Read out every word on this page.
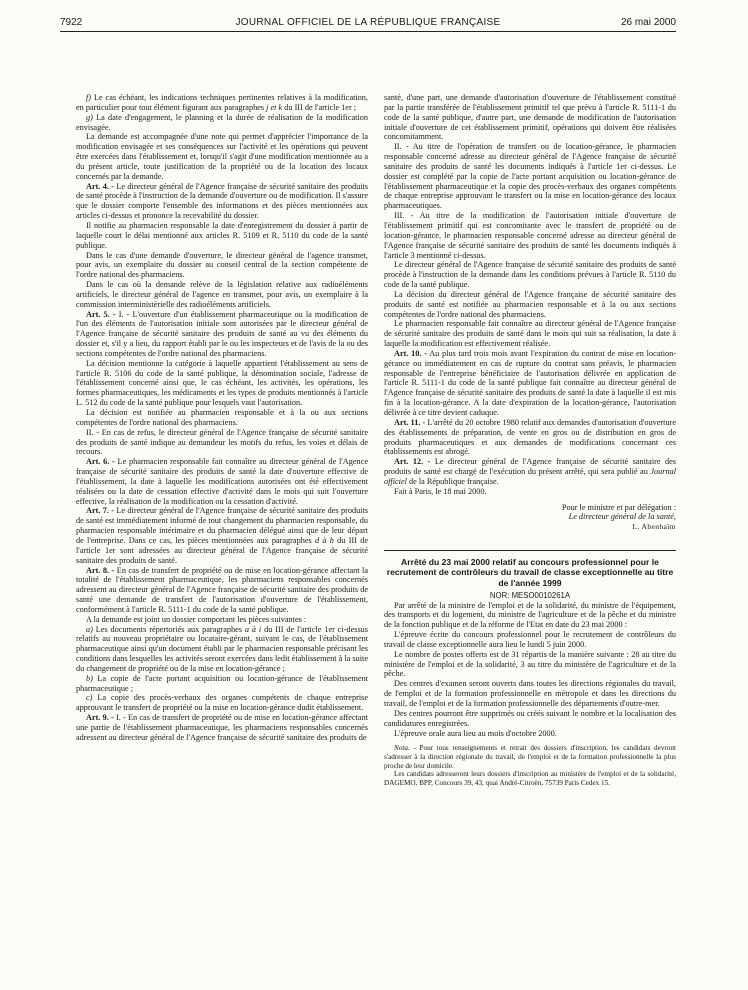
7922	JOURNAL OFFICIEL DE LA RÉPUBLIQUE FRANÇAISE	26 mai 2000

f) Le cas échéant, les indications techniques pertinentes relatives à la modification, en particulier pour tout élément figurant aux paragraphes j et k du III de l'article 1er ;

g) La date d'engagement, le planning et la durée de réalisation de la modification envisagée.

La demande est accompagnée d'une note qui permet d'apprécier l'importance de la modification envisagée et ses conséquences sur l'activité et les opérations qui peuvent être exercées dans l'établissement et, lorsqu'il s'agit d'une modification mentionnée au a du présent article, toute justification de la propriété ou de la location des locaux concernés par la demande.

Art. 4. - Le directeur général de l'Agence française de sécurité sanitaire des produits de santé procède à l'instruction de la demande d'ouverture ou de modification. Il s'assure que le dossier comporte l'ensemble des informations et des pièces mentionnées aux articles ci-dessus et prononce la recevabilité du dossier.

Il notifie au pharmacien responsable la date d'enregistrement du dossier à partir de laquelle court le délai mentionné aux articles R. 5109 et R. 5110 du code de la santé publique.

Dans le cas d'une demande d'ouverture, le directeur général de l'agence transmet, pour avis, un exemplaire du dossier au conseil central de la section compétente de l'ordre national des pharmaciens.

Dans le cas où la demande relève de la législation relative aux radioéléments artificiels, le directeur général de l'agence en transmet, pour avis, un exemplaire à la commission interministérielle des radioéléments artificiels.

Art. 5. - I. - L'ouverture d'un établissement pharmaceutique ou la modification de l'un des éléments de l'autorisation initiale sont autorisées par le directeur général de l'Agence française de sécurité sanitaire des produits de santé au vu des éléments du dossier et, s'il y a lieu, du rapport établi par le ou les inspecteurs et de l'avis de la ou des sections compétentes de l'ordre national des pharmaciens.

La décision mentionne la catégorie à laquelle appartient l'établissement au sens de l'article R. 5106 du code de la santé publique, la dénomination sociale, l'adresse de l'établissement concerné ainsi que, le cas échéant, les activités, les opérations, les formes pharmaceutiques, les médicaments et les types de produits mentionnés à l'article L. 512 du code de la santé publique pour lesquels vaut l'autorisation.

La décision est notifiée au pharmacien responsable et à la ou aux sections compétentes de l'ordre national des pharmaciens.

II. - En cas de refus, le directeur général de l'Agence française de sécurité sanitaire des produits de santé indique au demandeur les motifs du refus, les voies et délais de recours.

Art. 6. - Le pharmacien responsable fait connaître au directeur général de l'Agence française de sécurité sanitaire des produits de santé la date d'ouverture effective de l'établissement, la date à laquelle les modifications autorisées ont été effectivement réalisées ou la date de cessation effective d'activité dans le mois qui suit l'ouverture effective, la réalisation de la modification ou la cessation d'activité.

Art. 7. - Le directeur général de l'Agence française de sécurité sanitaire des produits de santé est immédiatement informé de tout changement du pharmacien responsable, du pharmacien responsable intérimaire et du pharmacien délégué ainsi que de leur départ de l'entreprise. Dans ce cas, les pièces mentionnées aux paragraphes d à h du III de l'article 1er sont adressées au directeur général de l'Agence française de sécurité sanitaire des produits de santé.

Art. 8. - En cas de transfert de propriété ou de mise en location-gérance affectant la totalité de l'établissement pharmaceutique, les pharmaciens responsables concernés adressent au directeur général de l'Agence française de sécurité sanitaire des produits de santé une demande de transfert de l'autorisation d'ouverture de l'établissement, conformément à l'article R. 5111-1 du code de la santé publique.

A la demande est joint un dossier comportant les pièces suivantes :

a) Les documents répertoriés aux paragraphes a à i du III de l'article 1er ci-dessus relatifs au nouveau propriétaire ou locataire-gérant, suivant le cas, de l'établissement pharmaceutique ainsi qu'un document établi par le pharmacien responsable précisant les conditions dans lesquelles les activités seront exercées dans ledit établissement à la suite du changement de propriété ou de la mise en location-gérance ;

b) La copie de l'acte portant acquisition ou location-gérance de l'établissement pharmaceutique ;

c) La copie des procès-verbaux des organes compétents de chaque entreprise approuvant le transfert de propriété ou la mise en location-gérance dudit établissement.

Art. 9. - I. - En cas de transfert de propriété ou de mise en location-gérance affectant une partie de l'établissement pharmaceutique, les pharmaciens responsables concernés adressent au directeur général de l'Agence française de sécurité sanitaire des produits de

santé, d'une part, une demande d'autorisation d'ouverture de l'établissement constitué par la partie transférée de l'établissement primitif tel que prévu à l'article R. 5111-1 du code de la santé publique, d'autre part, une demande de modification de l'autorisation initiale d'ouverture de cet établissement primitif, opérations qui doivent être réalisées concomitamment.

II. - Au titre de l'opération de transfert ou de location-gérance, le pharmacien responsable concerné adresse au directeur général de l'Agence française de sécurité sanitaire des produits de santé les documents indiqués à l'article 1er ci-dessus. Le dossier est complété par la copie de l'acte portant acquisition ou location-gérance de l'établissement pharmaceutique et la copie des procès-verbaux des organes compétents de chaque entreprise approuvant le transfert ou la mise en location-gérance des locaux pharmaceutiques.

III. - Au titre de la modification de l'autorisation initiale d'ouverture de l'établissement primitif qui est concomitante avec le transfert de propriété ou de location-gérance, le pharmacien responsable concerné adresse au directeur général de l'Agence française de sécurité sanitaire des produits de santé les documents indiqués à l'article 3 mentionné ci-dessus.

Le directeur général de l'Agence française de sécurité sanitaire des produits de santé procède à l'instruction de la demande dans les conditions prévues à l'article R. 5110 du code de la santé publique.

La décision du directeur général de l'Agence française de sécurité sanitaire des produits de santé est notifiée au pharmacien responsable et à la ou aux sections compétentes de l'ordre national des pharmaciens.

Le pharmacien responsable fait connaître au directeur général de l'Agence française de sécurité sanitaire des produits de santé dans le mois qui suit sa réalisation, la date à laquelle la modification est effectivement réalisée.

Art. 10. - Au plus tard trois mois avant l'expiration du contrat de mise en location-gérance ou immédiatement en cas de rupture du contrat sans préavis, le pharmacien responsable de l'entreprise bénéficiaire de l'autorisation délivrée en application de l'article R. 5111-1 du code de la santé publique fait connaître au directeur général de l'Agence française de sécurité sanitaire des produits de santé la date à laquelle il est mis fin à la location-gérance. A la date d'expiration de la location-gérance, l'autorisation délivrée à ce titre devient caduque.

Art. 11. - L'arrêté du 20 octobre 1980 relatif aux demandes d'autorisation d'ouverture des établissements de préparation, de vente en gros ou de distribution en gros de produits pharmaceutiques et aux demandes de modifications concernant ces établissements est abrogé.

Art. 12. - Le directeur général de l'Agence française de sécurité sanitaire des produits de santé est chargé de l'exécution du présent arrêté, qui sera publié au Journal officiel de la République française.

Fait à Paris, le 18 mai 2000.

Pour le ministre et par délégation :

Le directeur général de la santé,

L. Abenhaïm

Arrêté du 23 mai 2000 relatif au concours professionnel pour le recrutement de contrôleurs du travail de classe exceptionnelle au titre de l'année 1999

NOR: MESO0010261A

Par arrêté de la ministre de l'emploi et de la solidarité, du ministre de l'équipement, des transports et du logement, du ministre de l'agriculture et de la pêche et du ministre de la fonction publique et de la réforme de l'Etat en date du 23 mai 2000 :

L'épreuve écrite du concours professionnel pour le recrutement de contrôleurs du travail de classe exceptionnelle aura lieu le lundi 5 juin 2000.

Le nombre de postes offerts est de 31 répartis de la manière suivante : 28 au titre du ministère de l'emploi et de la solidarité, 3 au titre du ministère de l'agriculture et de la pêche.

Des centres d'examen seront ouverts dans toutes les directions régionales du travail, de l'emploi et de la formation professionnelle en métropole et dans les directions du travail, de l'emploi et de la formation professionnelle des départements d'outre-mer.

Des centres pourront être supprimés ou créés suivant le nombre et la localisation des candidatures enregistrées.

L'épreuve orale aura lieu au mois d'octobre 2000.

Nota. - Pour tous renseignements et retrait des dossiers d'inscription, les candidats devront s'adresser à la direction régionale du travail, de l'emploi et de la formation professionnelle la plus proche de leur domicile.

Les candidats adresseront leurs dossiers d'inscription au ministère de l'emploi et de la solidarité, DAGEMO, BPP, Concours 39, 43, quai André-Citroën, 75739 Paris Cedex 15.
